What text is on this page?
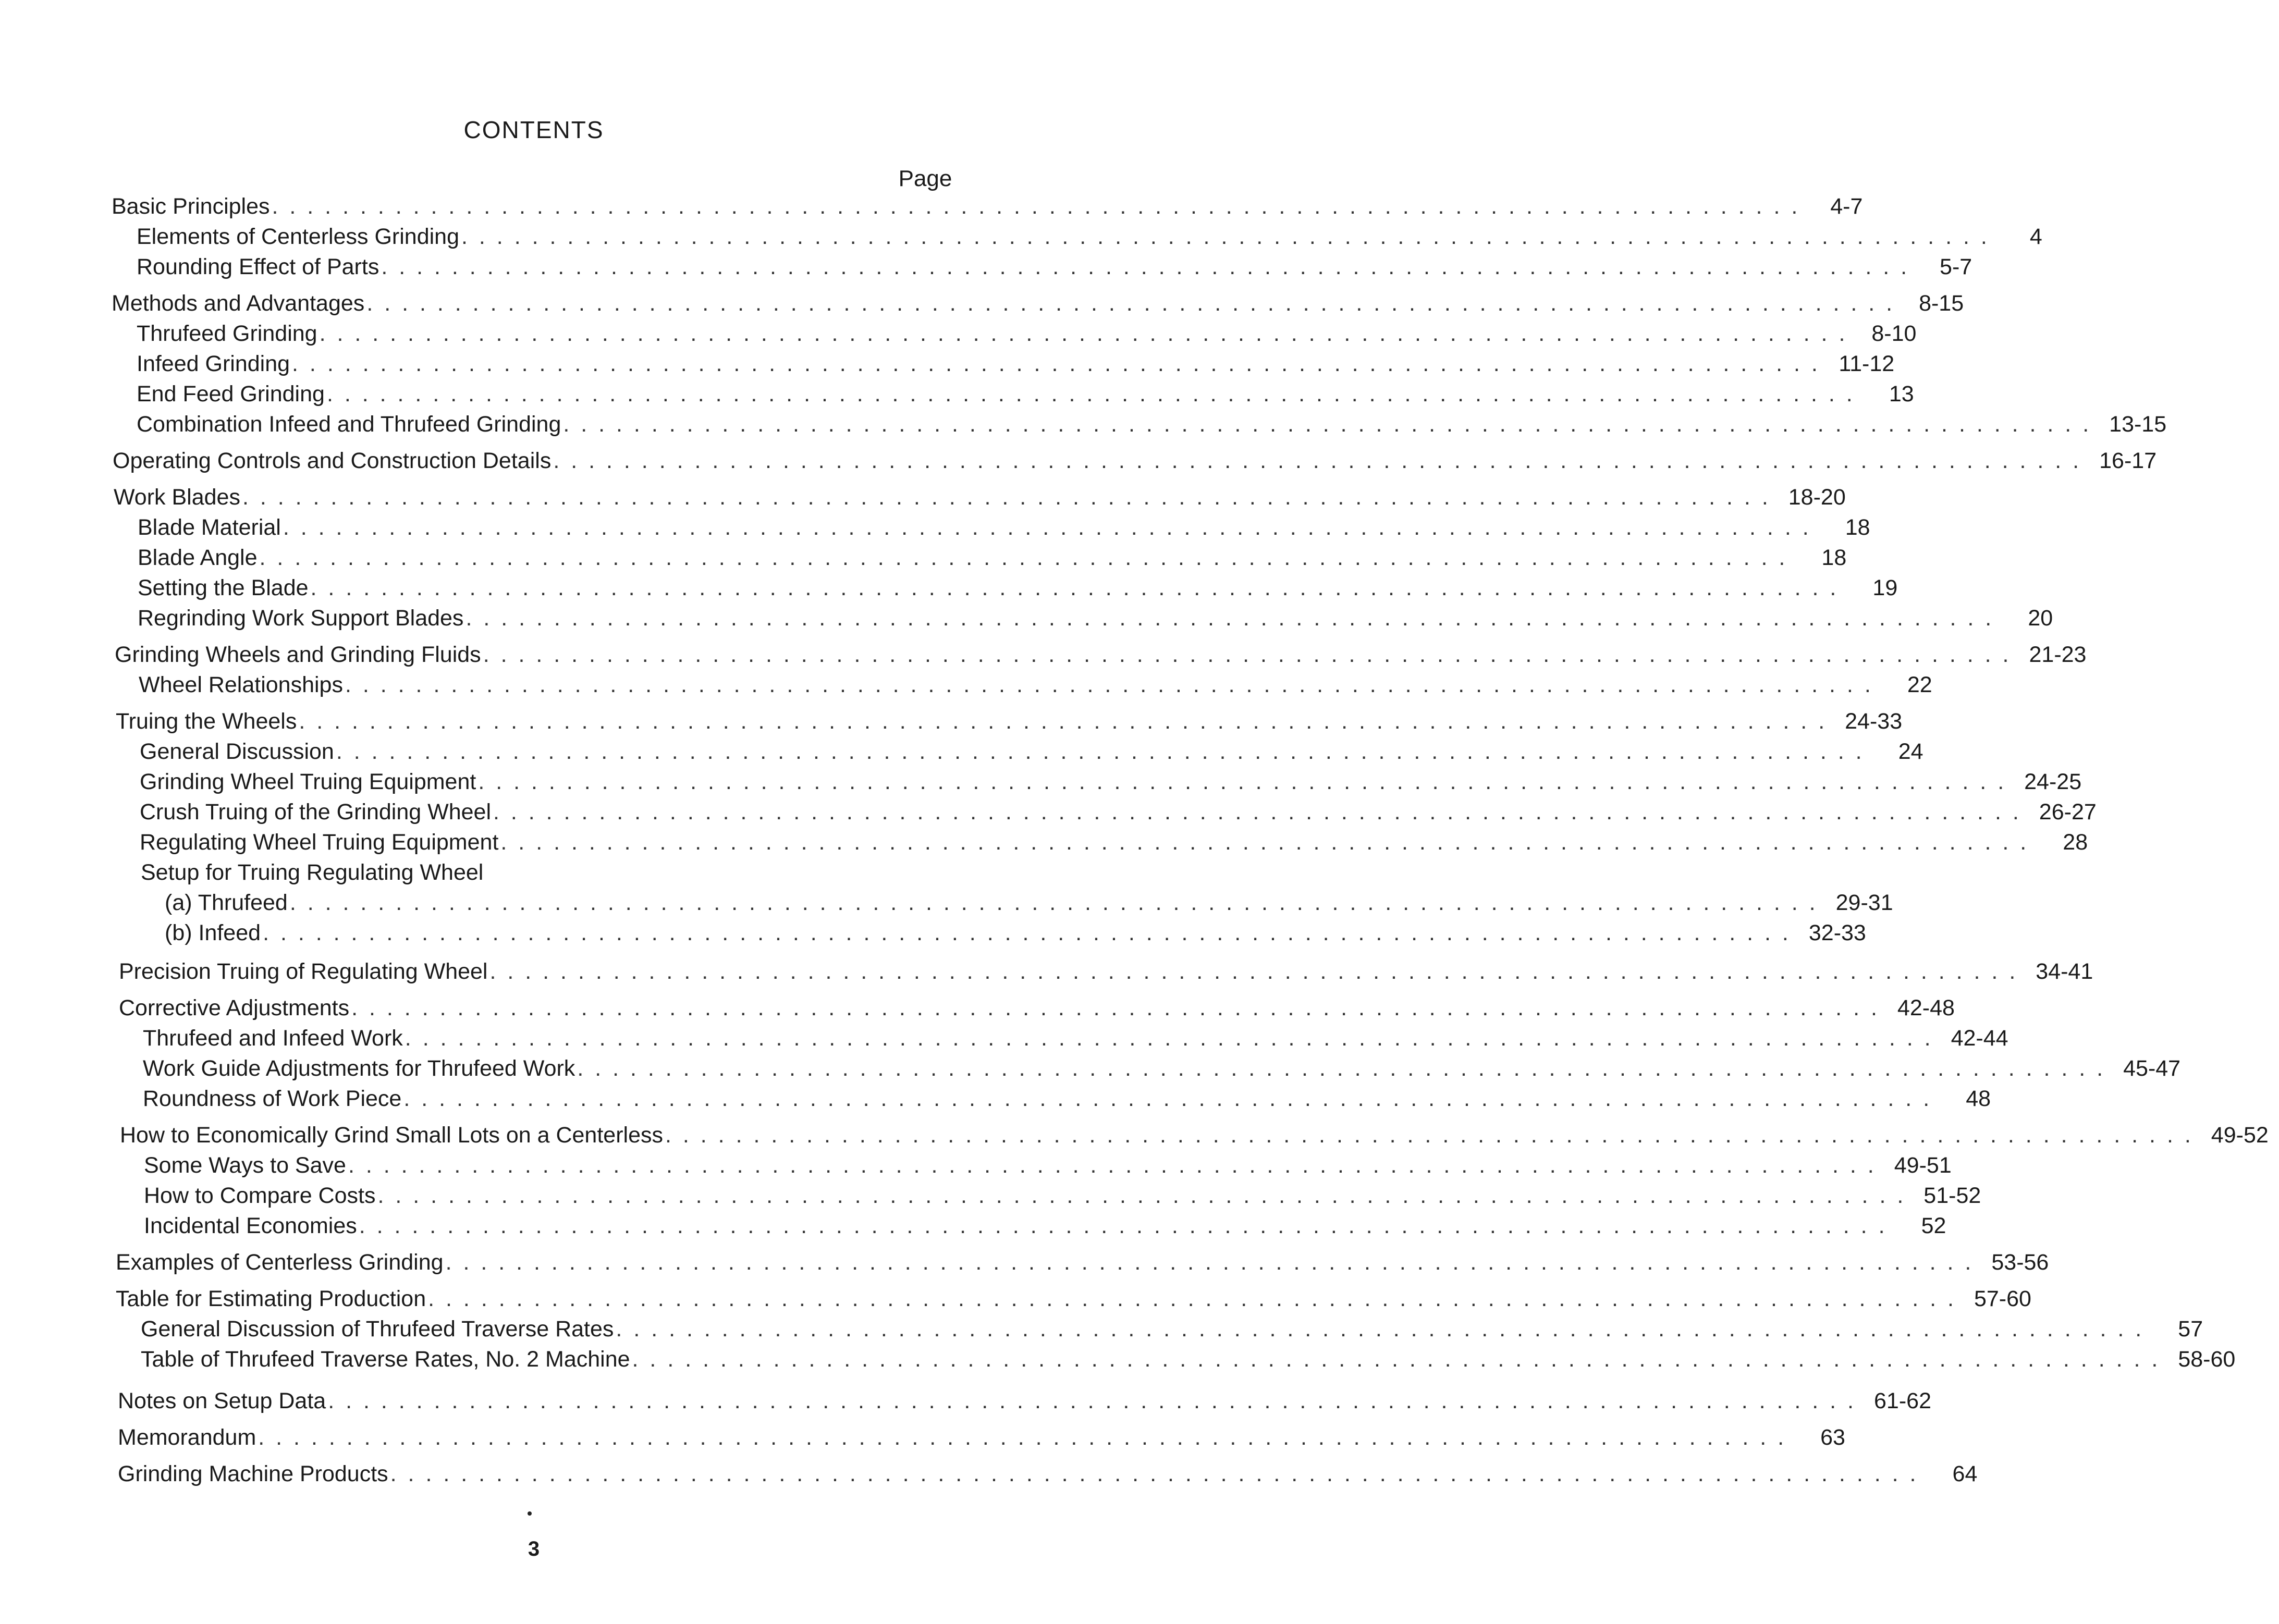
CONTENTS
Page
Basic Principles . . . . . . . . . . . . . . . . . . . . . . . . . . . . . . . . . . . . . . . . . . . . . . . . . . . . . . . . . . . . . . . . . . . . . . . . . . . . . . . . . . . . . . .	4-7
Elements of Centerless Grinding . . . . . . . . . . . . . . . . . . . . . . . . . . . . . . . . . . . . . . . . . . . . . . . . . . . . . . . . . . . . . . . . . . . . . . . . . . . . . . . . . . . . . . .	4
Rounding Effect of Parts . . . . . . . . . . . . . . . . . . . . . . . . . . . . . . . . . . . . . . . . . . . . . . . . . . . . . . . . . . . . . . . . . . . . . . . . . . . . . . . . . . . . . . .	5-7
Methods and Advantages . . . . . . . . . . . . . . . . . . . . . . . . . . . . . . . . . . . . . . . . . . . . . . . . . . . . . . . . . . . . . . . . . . . . . . . . . . . . . . . . . . . . . . .	8-15
Thrufeed Grinding . . . . . . . . . . . . . . . . . . . . . . . . . . . . . . . . . . . . . . . . . . . . . . . . . . . . . . . . . . . . . . . . . . . . . . . . . . . . . . . . . . . . . . .	8-10
Infeed Grinding . . . . . . . . . . . . . . . . . . . . . . . . . . . . . . . . . . . . . . . . . . . . . . . . . . . . . . . . . . . . . . . . . . . . . . . . . . . . . . . . . . . . . . . 11-12
End Feed Grinding . . . . . . . . . . . . . . . . . . . . . . . . . . . . . . . . . . . . . . . . . . . . . . . . . . . . . . . . . . . . . . . . . . . . . . . . . . . . . . . . . . . . . . .	13
Combination Infeed and Thrufeed Grinding . . . . . . . . . . . . . . . . . . . . . . . . . . . . . . . . . . . . . . . . . . . . . . . . . . . . . . . . . . . . . . . . . . . . . . . . . . . . . . . . . . . . . . . 13-15
Operating Controls and Construction Details . . . . . . . . . . . . . . . . . . . . . . . . . . . . . . . . . . . . . . . . . . . . . . . . . . . . . . . . . . . . . . . . . . . . . . . . . . . . . . . . . . . . . . . 16-17
Work Blades . . . . . . . . . . . . . . . . . . . . . . . . . . . . . . . . . . . . . . . . . . . . . . . . . . . . . . . . . . . . . . . . . . . . . . . . . . . . . . . . . . . . . . . 18-20
Blade Material . . . . . . . . . . . . . . . . . . . . . . . . . . . . . . . . . . . . . . . . . . . . . . . . . . . . . . . . . . . . . . . . . . . . . . . . . . . . . . . . . . . . . . .	18
Blade Angle . . . . . . . . . . . . . . . . . . . . . . . . . . . . . . . . . . . . . . . . . . . . . . . . . . . . . . . . . . . . . . . . . . . . . . . . . . . . . . . . . . . . . . .	18
Setting the Blade . . . . . . . . . . . . . . . . . . . . . . . . . . . . . . . . . . . . . . . . . . . . . . . . . . . . . . . . . . . . . . . . . . . . . . . . . . . . . . . . . . . . . . .	19
Regrinding Work Support Blades . . . . . . . . . . . . . . . . . . . . . . . . . . . . . . . . . . . . . . . . . . . . . . . . . . . . . . . . . . . . . . . . . . . . . . . . . . . . . . . . . . . . . . .	20
Grinding Wheels and Grinding Fluids . . . . . . . . . . . . . . . . . . . . . . . . . . . . . . . . . . . . . . . . . . . . . . . . . . . . . . . . . . . . . . . . . . . . . . . . . . . . . . . . . . . . . . . 21-23
Wheel Relationships . . . . . . . . . . . . . . . . . . . . . . . . . . . . . . . . . . . . . . . . . . . . . . . . . . . . . . . . . . . . . . . . . . . . . . . . . . . . . . . . . . . . . . .	22
Truing the Wheels . . . . . . . . . . . . . . . . . . . . . . . . . . . . . . . . . . . . . . . . . . . . . . . . . . . . . . . . . . . . . . . . . . . . . . . . . . . . . . . . . . . . . . . 24-33
General Discussion . . . . . . . . . . . . . . . . . . . . . . . . . . . . . . . . . . . . . . . . . . . . . . . . . . . . . . . . . . . . . . . . . . . . . . . . . . . . . . . . . . . . . . .	24
Grinding Wheel Truing Equipment . . . . . . . . . . . . . . . . . . . . . . . . . . . . . . . . . . . . . . . . . . . . . . . . . . . . . . . . . . . . . . . . . . . . . . . . . . . . . . . . . . . . . . . 24-25
Crush Truing of the Grinding Wheel . . . . . . . . . . . . . . . . . . . . . . . . . . . . . . . . . . . . . . . . . . . . . . . . . . . . . . . . . . . . . . . . . . . . . . . . . . . . . . . . . . . . . . . 26-27
Regulating Wheel Truing Equipment . . . . . . . . . . . . . . . . . . . . . . . . . . . . . . . . . . . . . . . . . . . . . . . . . . . . . . . . . . . . . . . . . . . . . . . . . . . . . . . . . . . . . . .	28
Setup for Truing Regulating Wheel
(a) Thrufeed . . . . . . . . . . . . . . . . . . . . . . . . . . . . . . . . . . . . . . . . . . . . . . . . . . . . . . . . . . . . . . . . . . . . . . . . . . . . . . . . . . . . . . . 29-31
(b) Infeed . . . . . . . . . . . . . . . . . . . . . . . . . . . . . . . . . . . . . . . . . . . . . . . . . . . . . . . . . . . . . . . . . . . . . . . . . . . . . . . . . . . . . . . 32-33
Precision Truing of Regulating Wheel . . . . . . . . . . . . . . . . . . . . . . . . . . . . . . . . . . . . . . . . . . . . . . . . . . . . . . . . . . . . . . . . . . . . . . . . . . . . . . . . . . . . . . . 34-41
Corrective Adjustments . . . . . . . . . . . . . . . . . . . . . . . . . . . . . . . . . . . . . . . . . . . . . . . . . . . . . . . . . . . . . . . . . . . . . . . . . . . . . . . . . . . . . . . 42-48
Thrufeed and Infeed Work . . . . . . . . . . . . . . . . . . . . . . . . . . . . . . . . . . . . . . . . . . . . . . . . . . . . . . . . . . . . . . . . . . . . . . . . . . . . . . . . . . . . . . . 42-44
Work Guide Adjustments for Thrufeed Work . . . . . . . . . . . . . . . . . . . . . . . . . . . . . . . . . . . . . . . . . . . . . . . . . . . . . . . . . . . . . . . . . . . . . . . . . . . . . . . . . . . . . . . 45-47
Roundness of Work Piece . . . . . . . . . . . . . . . . . . . . . . . . . . . . . . . . . . . . . . . . . . . . . . . . . . . . . . . . . . . . . . . . . . . . . . . . . . . . . . . . . . . . . . .	48
How to Economically Grind Small Lots on a Centerless . . . . . . . . . . . . . . . . . . . . . . . . . . . . . . . . . . . . . . . . . . . . . . . . . . . . . . . . . . . . . . . . . . . . . . . . . . . . . . . . . . . . . . . 49-52
Some Ways to Save . . . . . . . . . . . . . . . . . . . . . . . . . . . . . . . . . . . . . . . . . . . . . . . . . . . . . . . . . . . . . . . . . . . . . . . . . . . . . . . . . . . . . . . 49-51
How to Compare Costs . . . . . . . . . . . . . . . . . . . . . . . . . . . . . . . . . . . . . . . . . . . . . . . . . . . . . . . . . . . . . . . . . . . . . . . . . . . . . . . . . . . . . . . 51-52
Incidental Economies . . . . . . . . . . . . . . . . . . . . . . . . . . . . . . . . . . . . . . . . . . . . . . . . . . . . . . . . . . . . . . . . . . . . . . . . . . . . . . . . . . . . . . .	52
Examples of Centerless Grinding . . . . . . . . . . . . . . . . . . . . . . . . . . . . . . . . . . . . . . . . . . . . . . . . . . . . . . . . . . . . . . . . . . . . . . . . . . . . . . . . . . . . . . . 53-56
Table for Estimating Production . . . . . . . . . . . . . . . . . . . . . . . . . . . . . . . . . . . . . . . . . . . . . . . . . . . . . . . . . . . . . . . . . . . . . . . . . . . . . . . . . . . . . . . 57-60
General Discussion of Thrufeed Traverse Rates . . . . . . . . . . . . . . . . . . . . . . . . . . . . . . . . . . . . . . . . . . . . . . . . . . . . . . . . . . . . . . . . . . . . . . . . . . . . . . . . . . . . . . .	57
Table of Thrufeed Traverse Rates, No. 2 Machine . . . . . . . . . . . . . . . . . . . . . . . . . . . . . . . . . . . . . . . . . . . . . . . . . . . . . . . . . . . . . . . . . . . . . . . . . . . . . . . . . . . . . . . 58-60
Notes on Setup Data . . . . . . . . . . . . . . . . . . . . . . . . . . . . . . . . . . . . . . . . . . . . . . . . . . . . . . . . . . . . . . . . . . . . . . . . . . . . . . . . . . . . . . . 61-62
Memorandum . . . . . . . . . . . . . . . . . . . . . . . . . . . . . . . . . . . . . . . . . . . . . . . . . . . . . . . . . . . . . . . . . . . . . . . . . . . . . . . . . . . . . . .	63
Grinding Machine Products . . . . . . . . . . . . . . . . . . . . . . . . . . . . . . . . . . . . . . . . . . . . . . . . . . . . . . . . . . . . . . . . . . . . . . . . . . . . . . . . . . . . . . .	64
3
